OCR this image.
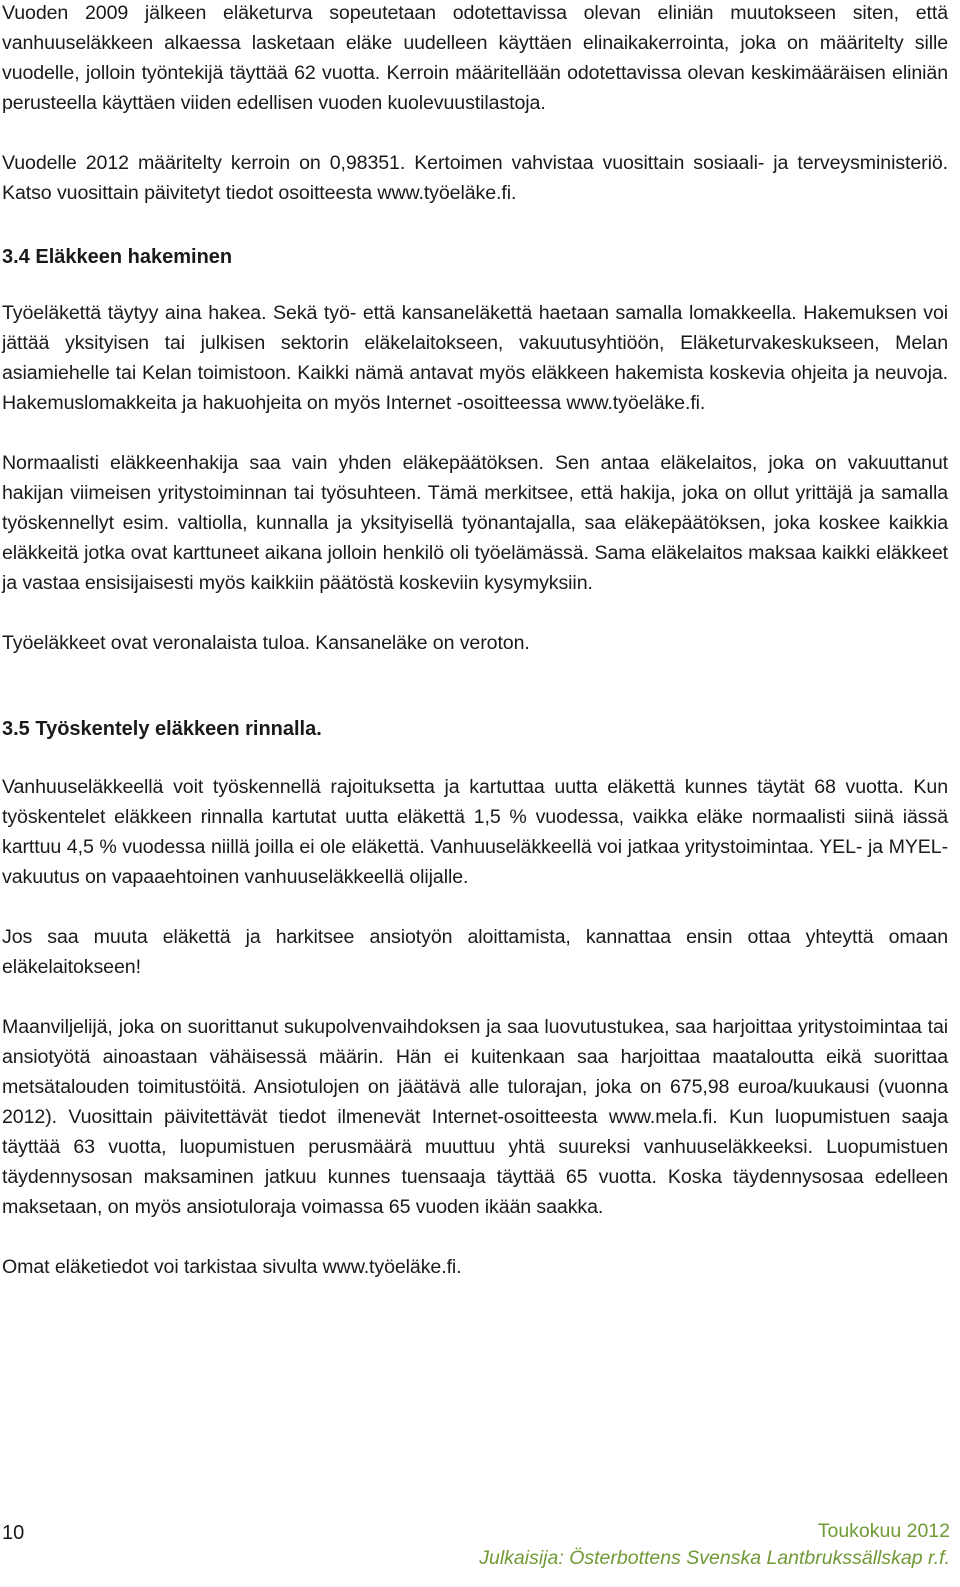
Vuoden 2009 jälkeen eläketurva sopeutetaan odotettavissa olevan eliniän muutokseen siten, että vanhuuseläkkeen alkaessa lasketaan eläke uudelleen käyttäen elinaikakerrointa, joka on määritelty sille vuodelle, jolloin työntekijä täyttää 62 vuotta. Kerroin määritellään odotettavissa olevan keskimääräisen eliniän perusteella käyttäen viiden edellisen vuoden kuolevuustilastoja.

Vuodelle 2012 määritelty kerroin on 0,98351. Kertoimen vahvistaa vuosittain sosiaali- ja terveysministeriö. Katso vuosittain päivitetyt tiedot osoitteesta www.työeläke.fi.

3.4 Eläkkeen hakeminen

Työeläkettä täytyy aina hakea. Sekä työ- että kansaneläkettä haetaan samalla lomakkeella. Hakemuksen voi jättää yksityisen tai julkisen sektorin eläkelaitokseen, vakuutusyhtiöön, Eläketurvakeskukseen, Melan asiamiehelle tai Kelan toimistoon. Kaikki nämä antavat myös eläkkeen hakemista koskevia ohjeita ja neuvoja. Hakemuslomakkeita ja hakuohjeita on myös Internet -osoitteessa www.työeläke.fi.

Normaalisti eläkkeenhakija saa vain yhden eläkepäätöksen. Sen antaa eläkelaitos, joka on vakuuttanut hakijan viimeisen yritystoiminnan tai työsuhteen. Tämä merkitsee, että hakija, joka on ollut yrittäjä ja samalla työskennellyt esim. valtiolla, kunnalla ja yksityisellä työnantajalla, saa eläkepäätöksen, joka koskee kaikkia eläkkeitä jotka ovat karttuneet aikana jolloin henkilö oli työelämässä. Sama eläkelaitos maksaa kaikki eläkkeet ja vastaa ensisijaisesti myös kaikkiin päätöstä koskeviin kysymyksiin.

Työeläkkeet ovat veronalaista tuloa. Kansaneläke on veroton.

3.5 Työskentely eläkkeen rinnalla.

Vanhuuseläkkeellä voit työskennellä rajoituksetta ja kartuttaa uutta eläkettä kunnes täytät 68 vuotta. Kun työskentelet eläkkeen rinnalla kartutat uutta eläkettä 1,5 % vuodessa, vaikka eläke normaalisti siinä iässä karttuu 4,5 % vuodessa niillä joilla ei ole eläkettä. Vanhuuseläkkeellä voi jatkaa yritystoimintaa. YEL- ja MYEL-vakuutus on vapaaehtoinen vanhuuseläkkeellä olijalle.

Jos saa muuta eläkettä ja harkitsee ansiotyön aloittamista, kannattaa ensin ottaa yhteyttä omaan eläkelaitokseen!

Maanviljelijä, joka on suorittanut sukupolvenvaihdoksen ja saa luovutustukea, saa harjoittaa yritystoimintaa tai ansiotyötä ainoastaan vähäisessä määrin. Hän ei kuitenkaan saa harjoittaa maataloutta eikä suorittaa metsätalouden toimitustöitä. Ansiotulojen on jäätävä alle tulorajan, joka on 675,98 euroa/kuukausi (vuonna 2012). Vuosittain päivitettävät tiedot ilmenevät Internet-osoitteesta www.mela.fi. Kun luopumistuen saaja täyttää 63 vuotta, luopumistuen perusmäärä muuttuu yhtä suureksi vanhuuseläkkeeksi. Luopumistuen täydennysosan maksaminen jatkuu kunnes tuensaaja täyttää 65 vuotta. Koska täydennysosaa edelleen maksetaan, on myös ansiotuloraja voimassa 65 vuoden ikään saakka.

Omat eläketiedot voi tarkistaa sivulta www.työeläke.fi.

10	Toukokuu 2012
Julkaisija: Österbottens Svenska Lantbrukssällskap r.f.
